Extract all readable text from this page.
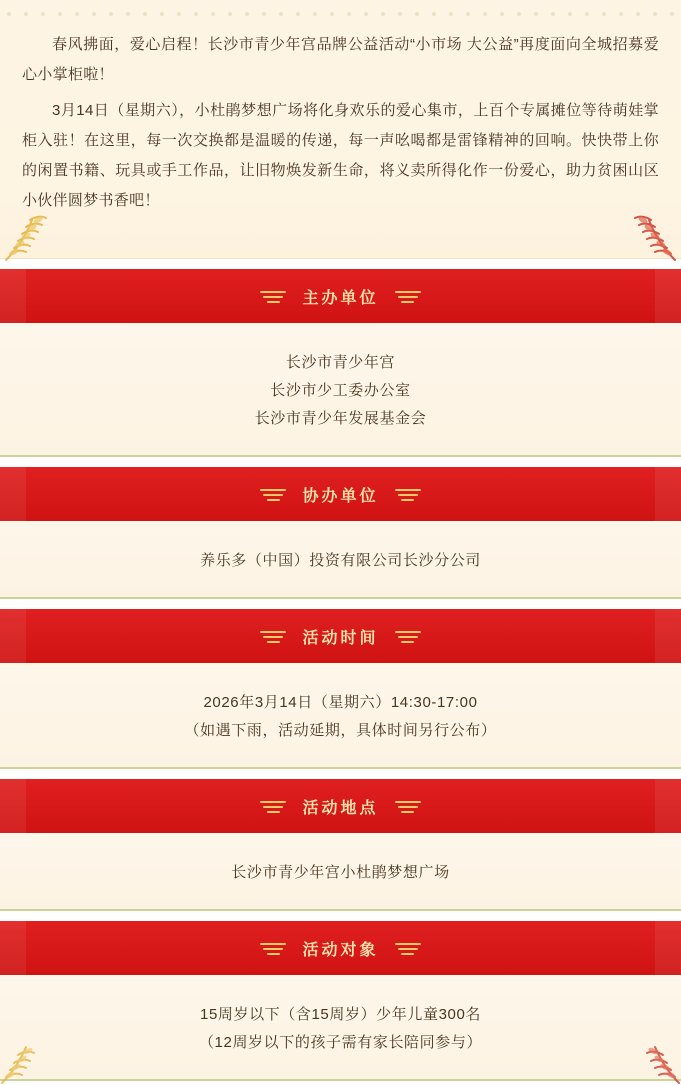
春风拂面，爱心启程！长沙市青少年宫品牌公益活动“小市场 大公益”再度面向全城招募爱心小掌柜啦！

3月14日（星期六），小杜鹃梦想广场将化身欢乐的爱心集市，上百个专属摊位等待萌娃掌柜入驻！在这里，每一次交换都是温暖的传递，每一声吆喝都是雷锋精神的回响。快快带上你的闲置书籍、玩具或手工作品，让旧物焕发新生命，将义卖所得化作一份爱心，助力贫困山区小伙伴圆梦书香吧！

主办单位
长沙市青少年宫
长沙市少工委办公室
长沙市青少年发展基金会
协办单位
养乐多（中国）投资有限公司长沙分公司
活动时间
2026年3月14日（星期六）14:30-17:00
（如遇下雨，活动延期，具体时间另行公布）
活动地点
长沙市青少年宫小杜鹃梦想广场
活动对象
15周岁以下（含15周岁）少年儿童300名
（12周岁以下的孩子需有家长陪同参与）
